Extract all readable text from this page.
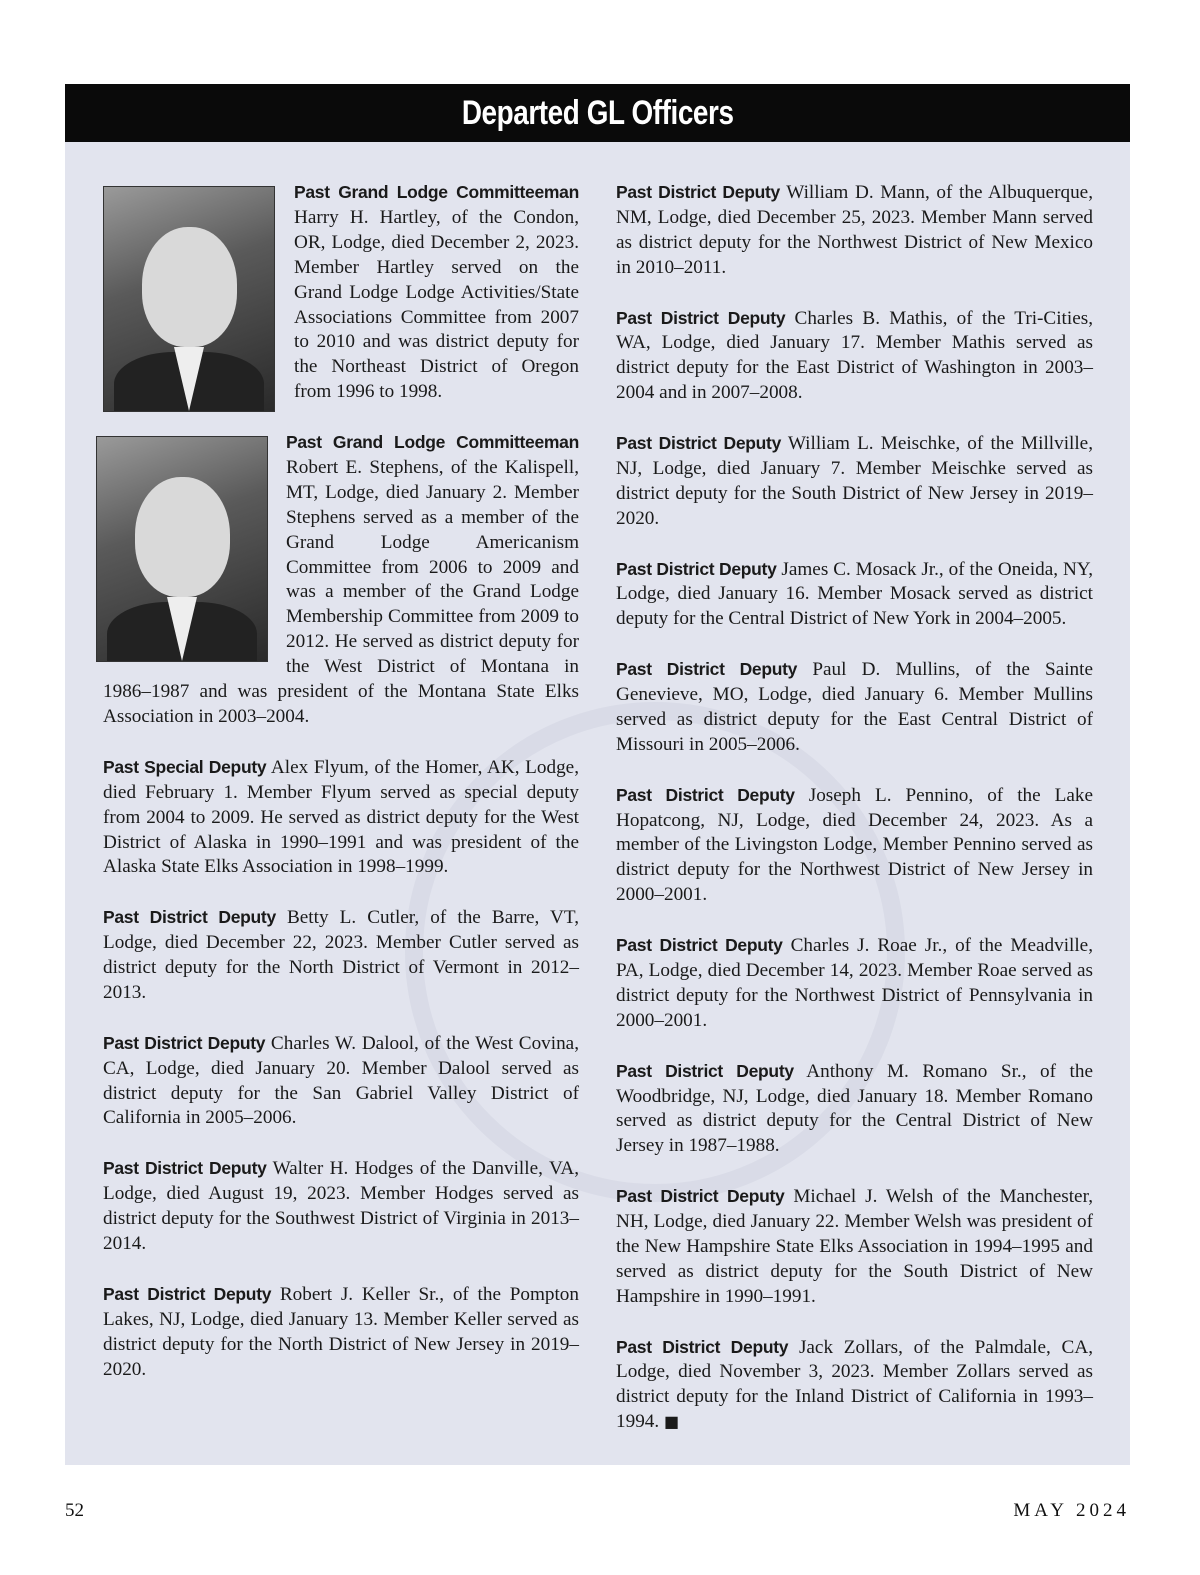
Departed GL Officers

Past Grand Lodge Committeeman Harry H. Hartley, of the Condon, OR, Lodge, died December 2, 2023. Member Hartley served on the Grand Lodge Lodge Activities/State Associations Committee from 2007 to 2010 and was district deputy for the Northeast District of Oregon from 1996 to 1998.

Past Grand Lodge Committeeman Robert E. Stephens, of the Kalispell, MT, Lodge, died January 2. Member Stephens served as a member of the Grand Lodge Americanism Committee from 2006 to 2009 and was a member of the Grand Lodge Membership Committee from 2009 to 2012. He served as district deputy for the West District of Montana in 1986–1987 and was president of the Montana State Elks Association in 2003–2004.

Past Special Deputy Alex Flyum, of the Homer, AK, Lodge, died February 1. Member Flyum served as special deputy from 2004 to 2009. He served as district deputy for the West District of Alaska in 1990–1991 and was president of the Alaska State Elks Association in 1998–1999.

Past District Deputy Betty L. Cutler, of the Barre, VT, Lodge, died December 22, 2023. Member Cutler served as district deputy for the North District of Vermont in 2012–2013.

Past District Deputy Charles W. Dalool, of the West Covina, CA, Lodge, died January 20. Member Dalool served as district deputy for the San Gabriel Valley District of California in 2005–2006.

Past District Deputy Walter H. Hodges of the Danville, VA, Lodge, died August 19, 2023. Member Hodges served as district deputy for the Southwest District of Virginia in 2013–2014.

Past District Deputy Robert J. Keller Sr., of the Pompton Lakes, NJ, Lodge, died January 13. Member Keller served as district deputy for the North District of New Jersey in 2019–2020.

Past District Deputy William D. Mann, of the Albuquerque, NM, Lodge, died December 25, 2023. Member Mann served as district deputy for the Northwest District of New Mexico in 2010–2011.

Past District Deputy Charles B. Mathis, of the Tri-Cities, WA, Lodge, died January 17. Member Mathis served as district deputy for the East District of Washington in 2003–2004 and in 2007–2008.

Past District Deputy William L. Meischke, of the Millville, NJ, Lodge, died January 7. Member Meischke served as district deputy for the South District of New Jersey in 2019–2020.

Past District Deputy James C. Mosack Jr., of the Oneida, NY, Lodge, died January 16. Member Mosack served as district deputy for the Central District of New York in 2004–2005.

Past District Deputy Paul D. Mullins, of the Sainte Genevieve, MO, Lodge, died January 6. Member Mullins served as district deputy for the East Central District of Missouri in 2005–2006.

Past District Deputy Joseph L. Pennino, of the Lake Hopatcong, NJ, Lodge, died December 24, 2023. As a member of the Livingston Lodge, Member Pennino served as district deputy for the Northwest District of New Jersey in 2000–2001.

Past District Deputy Charles J. Roae Jr., of the Meadville, PA, Lodge, died December 14, 2023. Member Roae served as district deputy for the Northwest District of Pennsylvania in 2000–2001.

Past District Deputy Anthony M. Romano Sr., of the Woodbridge, NJ, Lodge, died January 18. Member Romano served as district deputy for the Central District of New Jersey in 1987–1988.

Past District Deputy Michael J. Welsh of the Manchester, NH, Lodge, died January 22. Member Welsh was president of the New Hampshire State Elks Association in 1994–1995 and served as district deputy for the South District of New Hampshire in 1990–1991.

Past District Deputy Jack Zollars, of the Palmdale, CA, Lodge, died November 3, 2023. Member Zollars served as district deputy for the Inland District of California in 1993–1994. ■

52	MAY 2024
